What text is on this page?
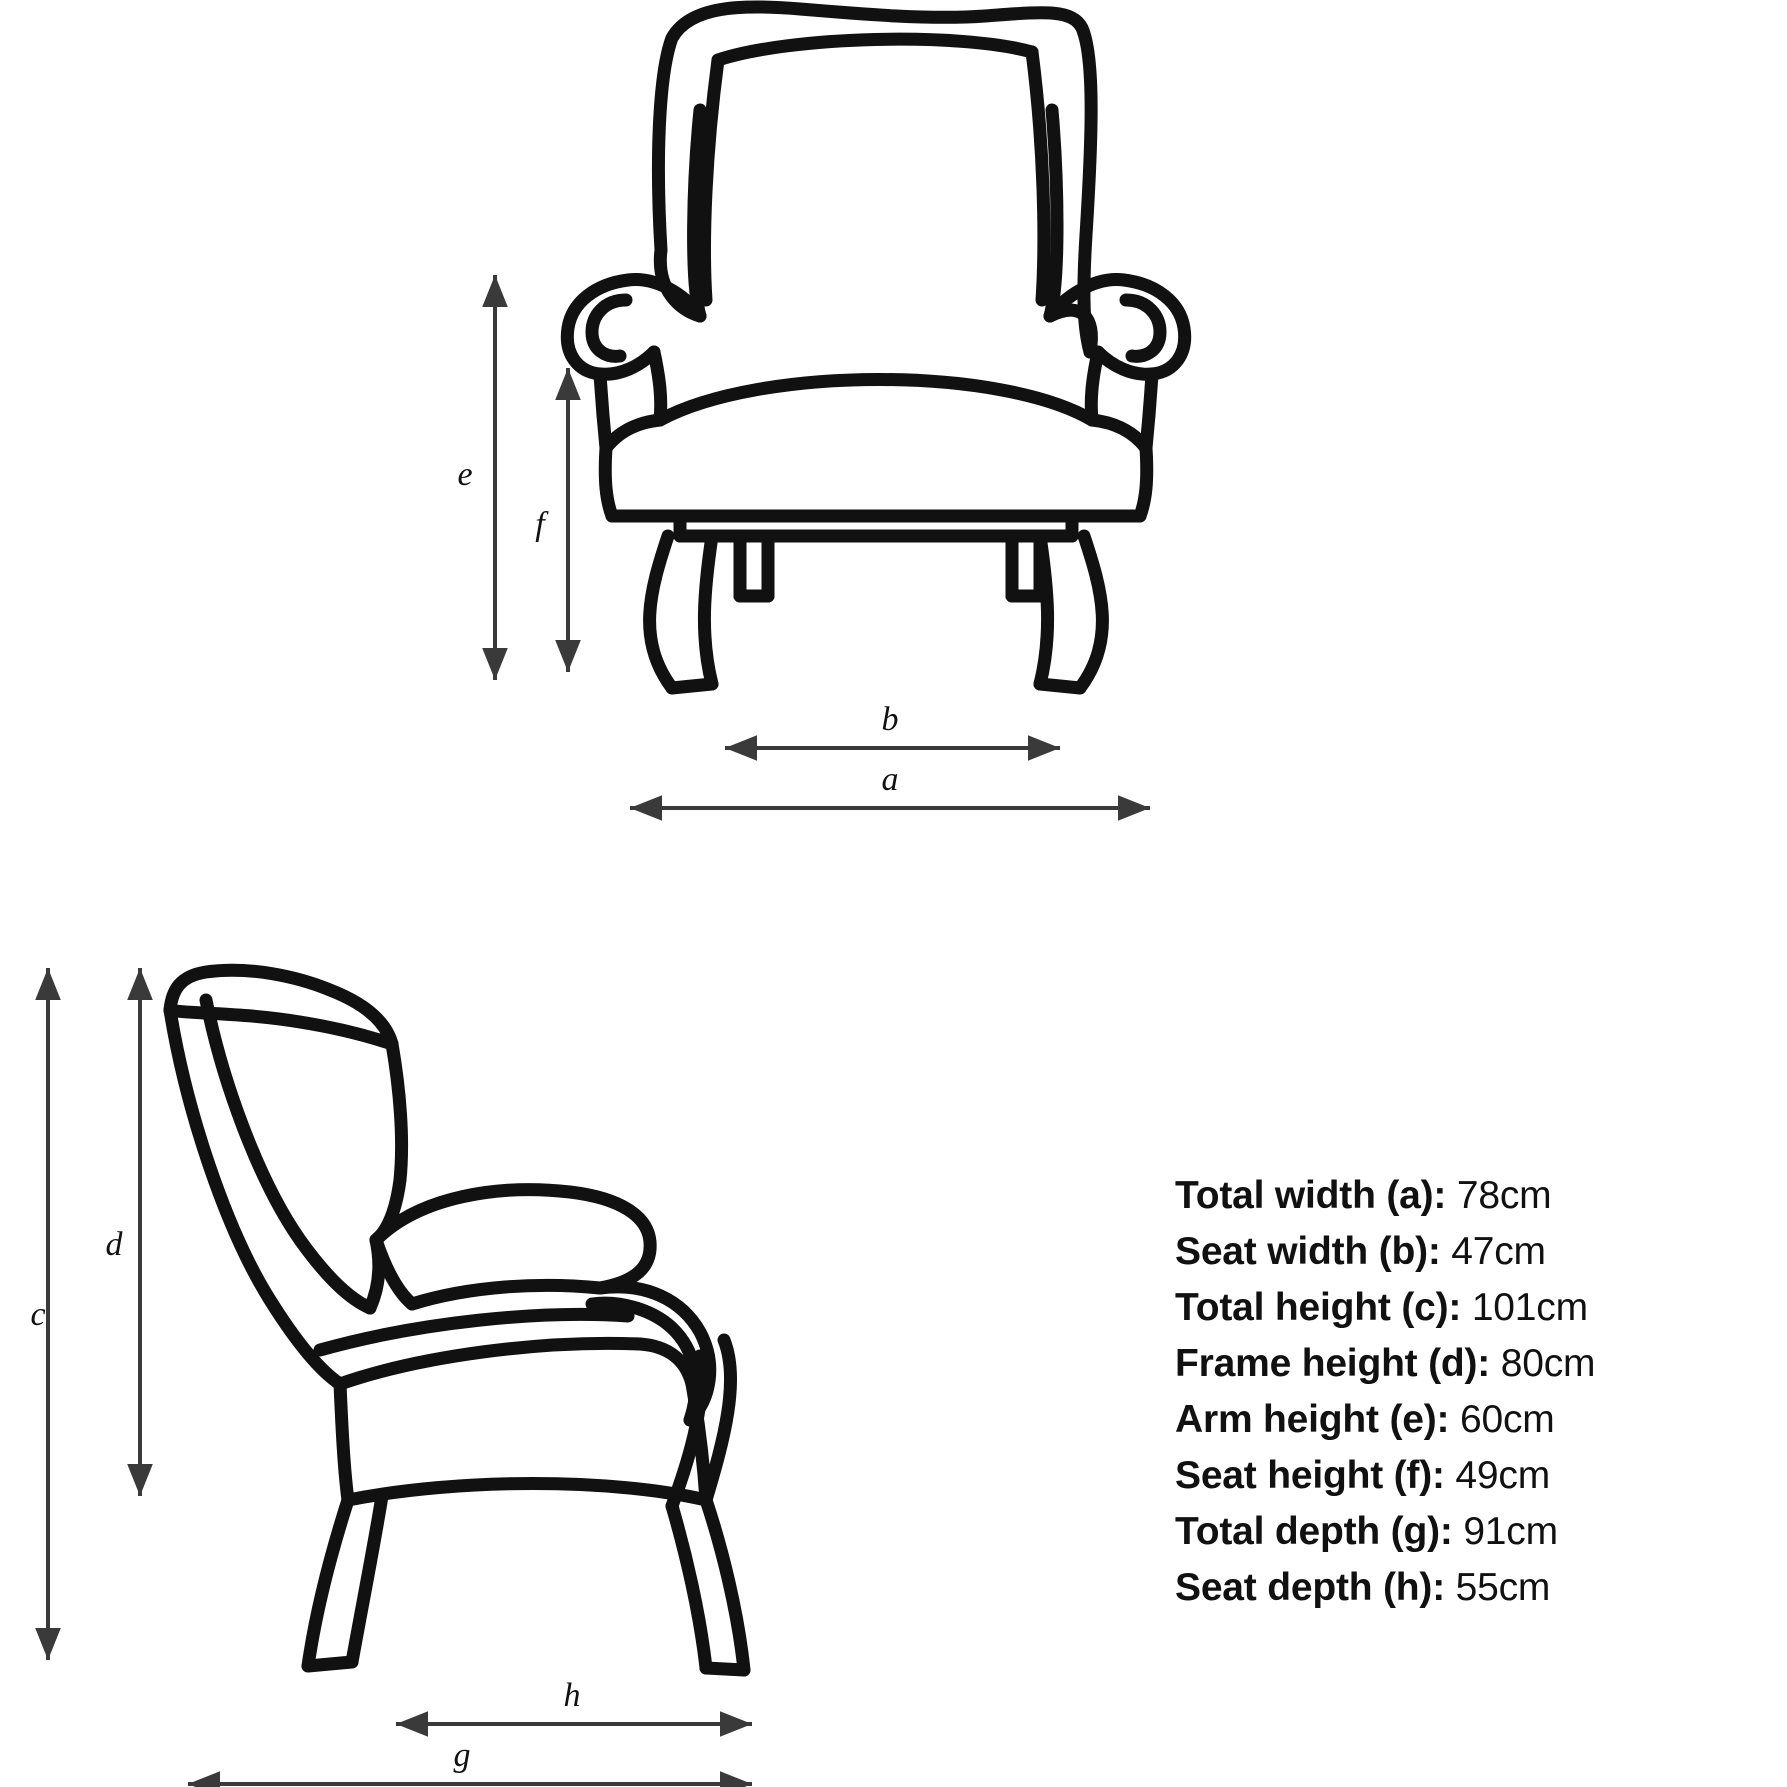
e
f
b
a
c
d
h
g
Total width (a): 78cm
Seat width (b): 47cm
Total height (c): 101cm
Frame height (d): 80cm
Arm height (e): 60cm
Seat height (f): 49cm
Total depth (g): 91cm
Seat depth (h): 55cm
